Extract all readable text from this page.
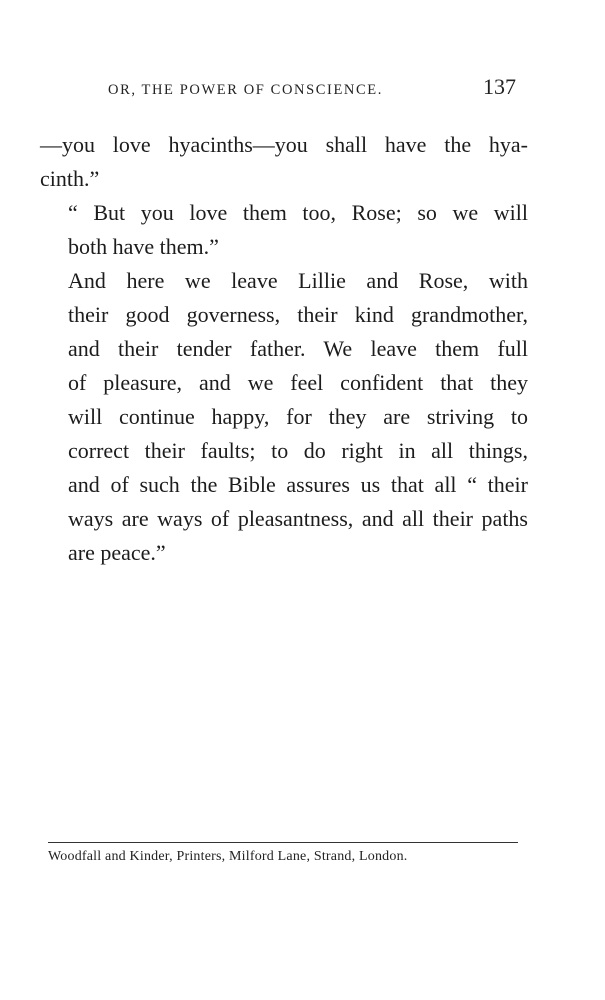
OR, THE POWER OF CONSCIENCE.	137

—you love hyacinths—you shall have the hya-
cinth.”

“ But you love them too, Rose; so we will
both have them.”

And here we leave Lillie and Rose, with
their good governess, their kind grandmother,
and their tender father. We leave them full
of pleasure, and we feel confident that they
will continue happy, for they are striving to
correct their faults; to do right in all things,
and of such the Bible assures us that all “ their
ways are ways of pleasantness, and all their paths
are peace.”

Woodfall and Kinder, Printers, Milford Lane, Strand, London.
